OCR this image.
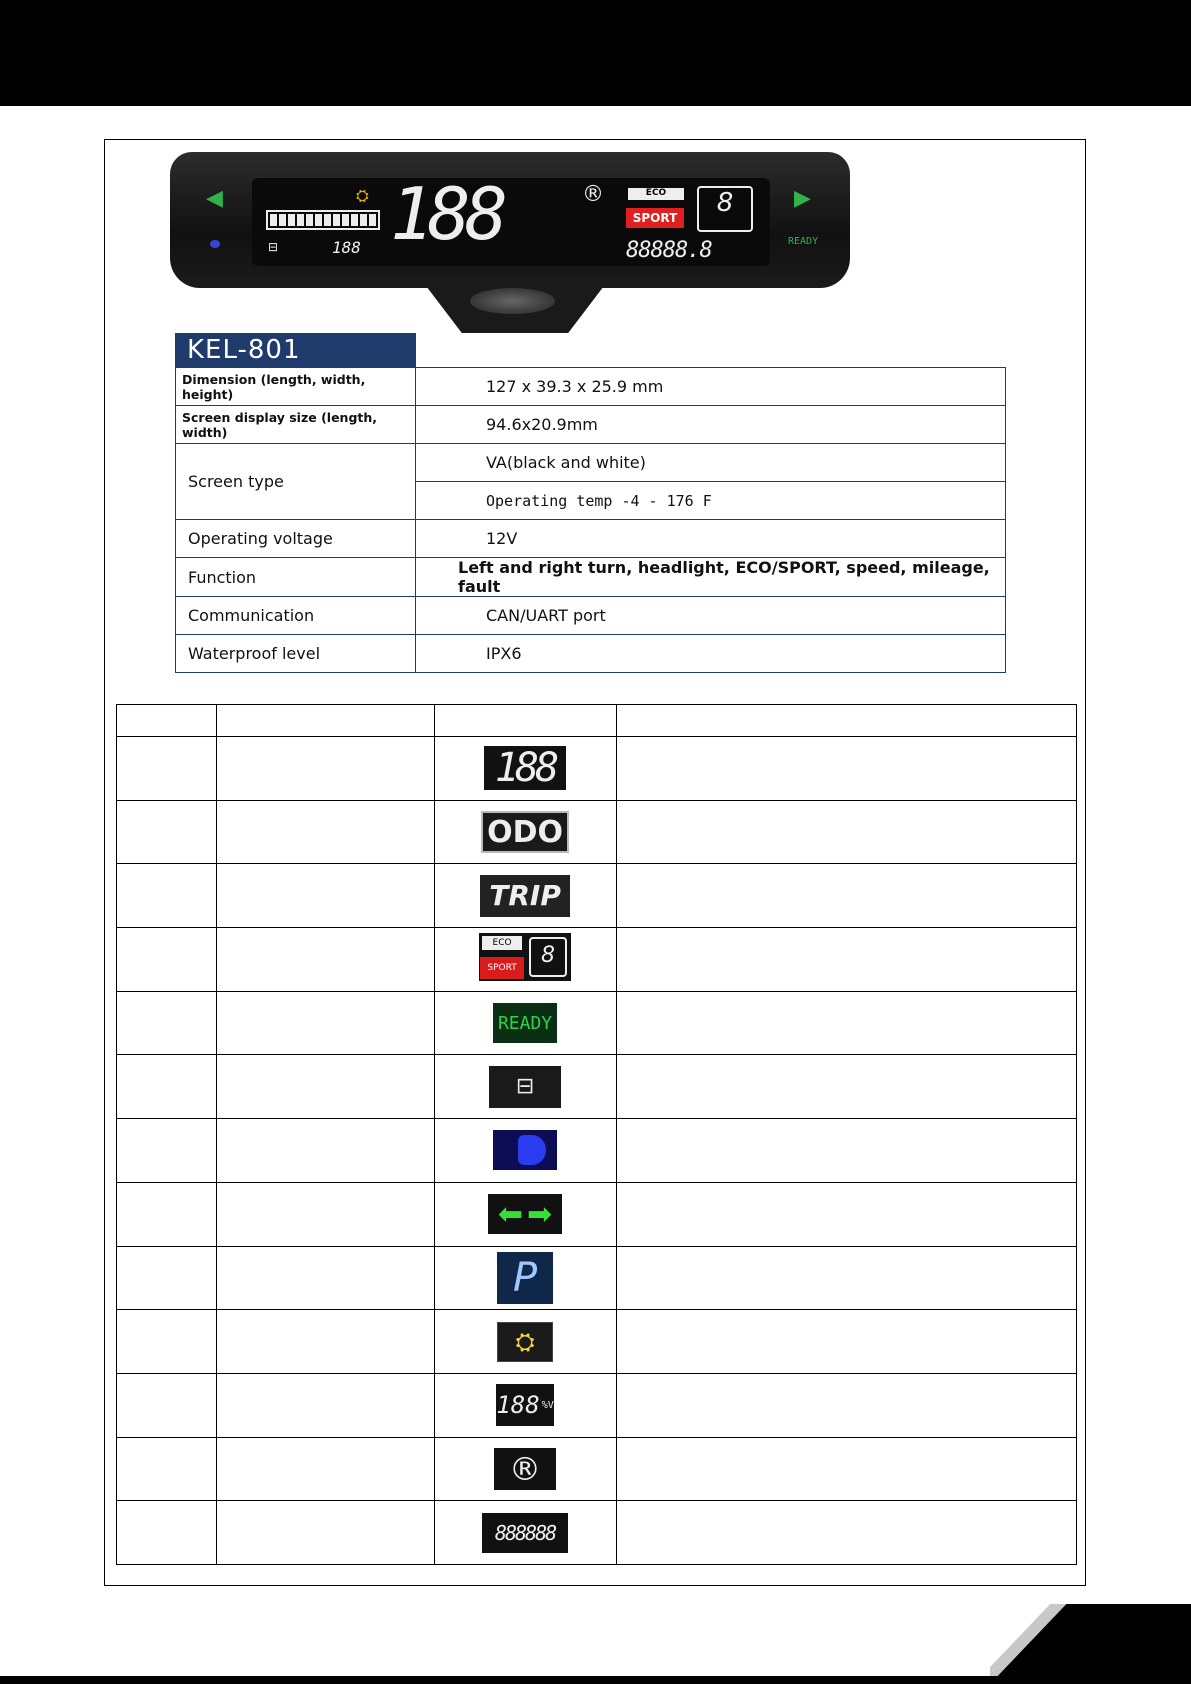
◀	▶
READY
⛭ 188	®	ECO
SPORT	8
88888.8
188
⊟
KEL-801
Dimension (length, width, height)	127 x 39.3 x 25.9 mm
Screen display size (length, width)	94.6x20.9mm
Screen type	VA(black and white)
	Operating temp -4 - 176 F
Operating voltage	12V
Function	Left and right turn, headlight, ECO/SPORT, speed, mileage, fault
Communication	CAN/UART port
Waterproof level	IPX6

		188	
		ODO	
		TRIP	

		ECO
SPORT 8	

		READY	
		⊟	

		⬅ ➡	

		P	
		⛭	

		188 %V	

		®	
		888888	
